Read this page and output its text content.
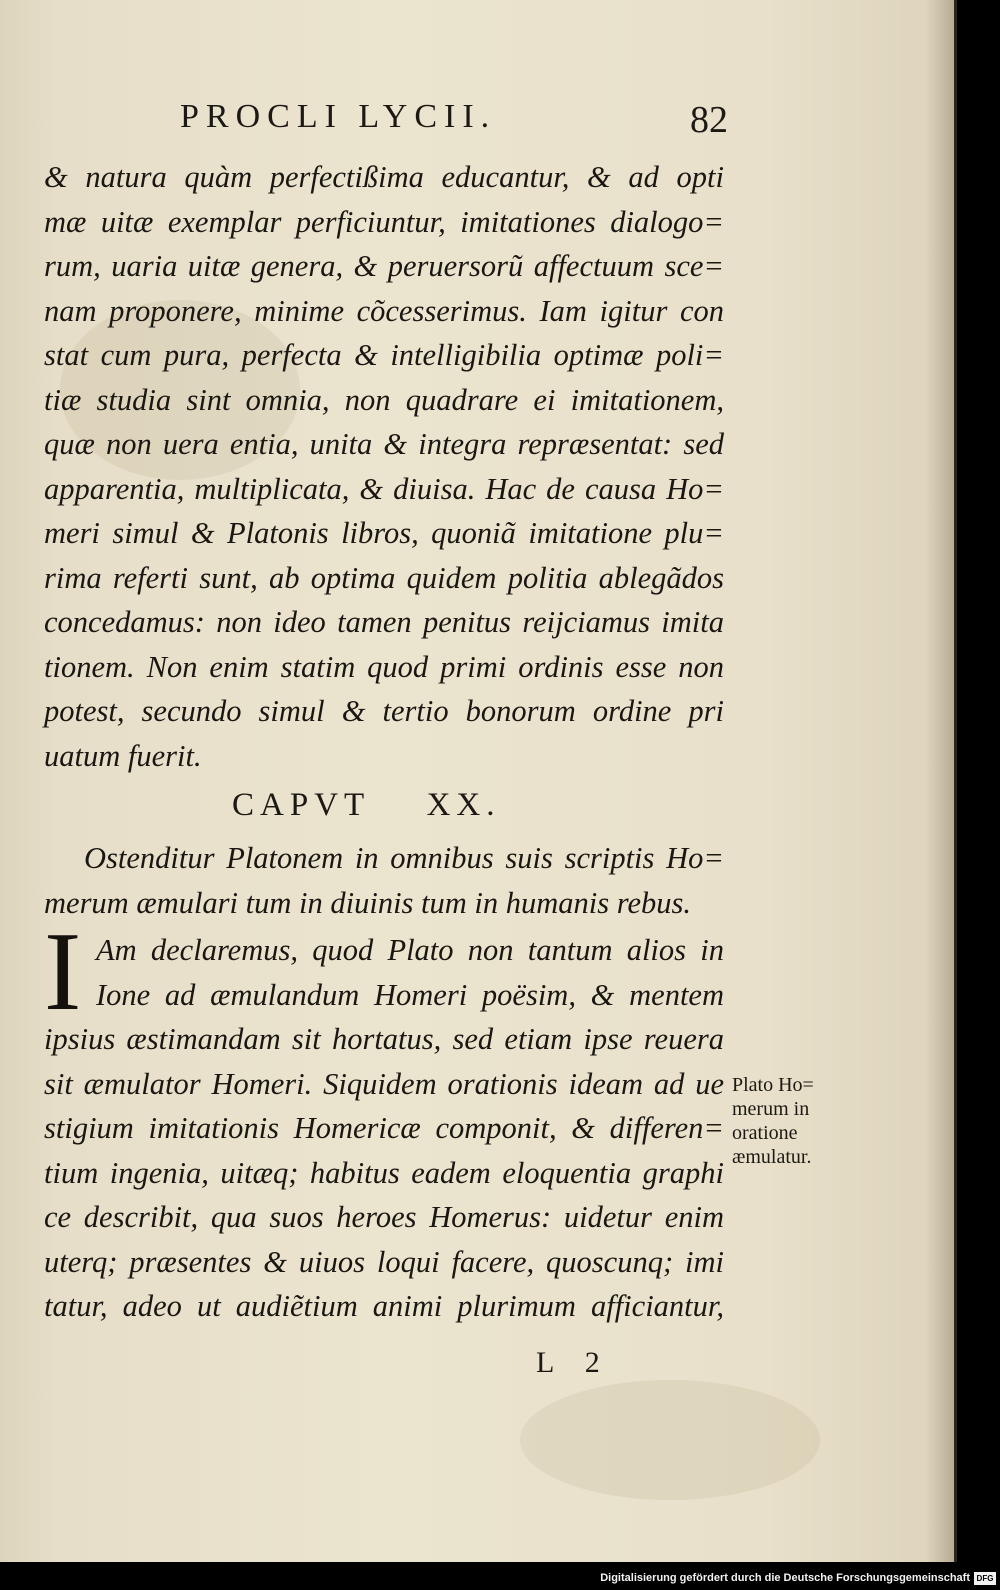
PROCLI LYCII.	82
& natura quàm perfectißima educantur, & ad opti
mæ uitæ exemplar perficiuntur, imitationes dialogo=
rum, uaria uitæ genera, & peruersorũ affectuum sce=
nam proponere, minime cõcesserimus. Iam igitur con
stat cum pura, perfecta & intelligibilia optimæ poli=
tiæ studia sint omnia, non quadrare ei imitationem,
quæ non uera entia, unita & integra repræsentat: sed
apparentia, multiplicata, & diuisa. Hac de causa Ho=
meri simul & Platonis libros, quoniã imitatione plu=
rima referti sunt, ab optima quidem politia ablegãdos
concedamus: non ideo tamen penitus reijciamus imita
tionem. Non enim statim quod primi ordinis esse non
potest, secundo simul & tertio bonorum ordine pri
uatum fuerit.
CAPVT    XX.
Ostenditur Platonem in omnibus suis scriptis Ho=
merum æmulari tum in diuinis tum in humanis rebus.
I Am declaremus, quod Plato non tantum alios in
Ione ad æmulandum Homeri poësim, & mentem
ipsius æstimandam sit hortatus, sed etiam ipse reuera
sit æmulator Homeri. Siquidem orationis ideam ad ue
stigium imitationis Homericæ componit, & differen=
tium ingenia, uitæq; habitus eadem eloquentia graphi
ce describit, qua suos heroes Homerus: uidetur enim
uterq; præsentes & uiuos loqui facere, quoscunq; imi
tatur, adeo ut audiẽtium animi plurimum afficiantur,
Plato Ho=
merum in
oratione
æmulatur.
L 2
Digitalisierung gefördert durch die Deutsche Forschungsgemeinschaft DFG
